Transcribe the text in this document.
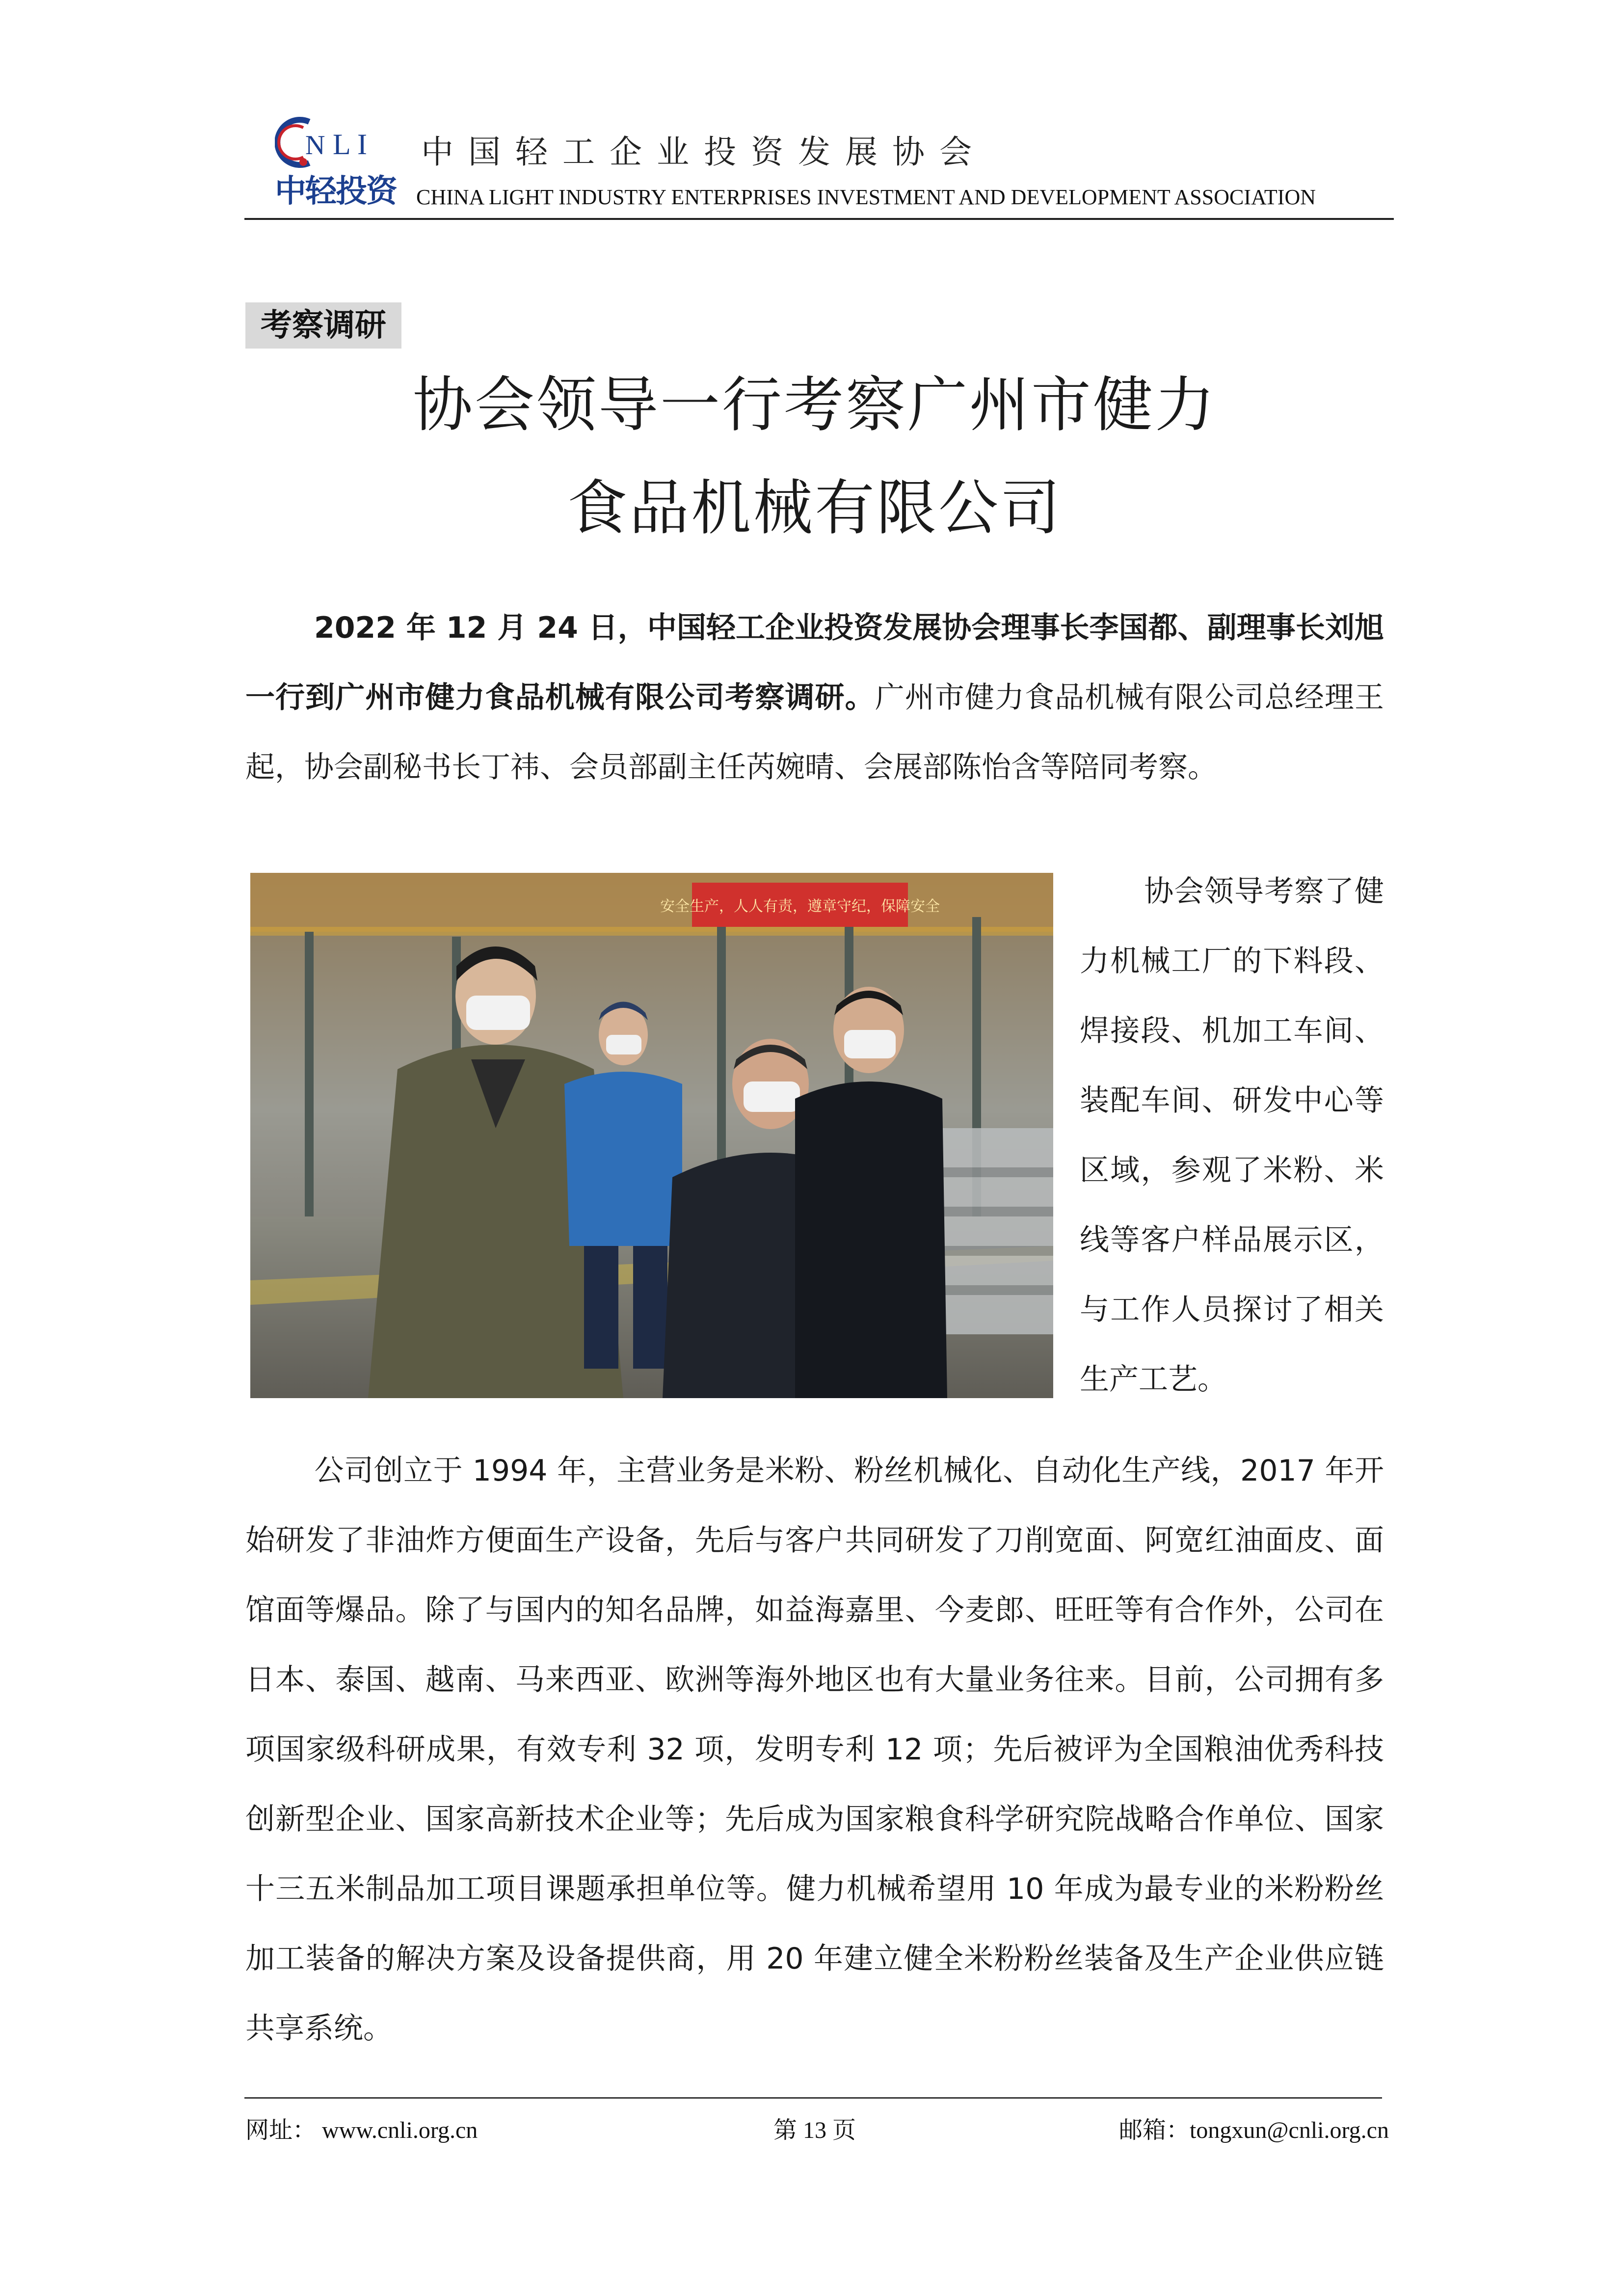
N L I
中轻投资
中国轻工企业投资发展协会
CHINA LIGHT INDUSTRY ENTERPRISES INVESTMENT AND DEVELOPMENT ASSOCIATION
考察调研
协会领导一行考察广州市健力
食品机械有限公司
2022 年 12 月 24 日，中国轻工企业投资发展协会理事长李国都、副理事长刘旭一行到广州市健力食品机械有限公司考察调研。广州市健力食品机械有限公司总经理王起，协会副秘书长丁祎、会员部副主任芮婉晴、会展部陈怡含等陪同考察。
安全生产，人人有责，遵章守纪，保障安全	协会领导考察了健力机械工厂的下料段、焊接段、机加工车间、装配车间、研发中心等区域，参观了米粉、米线等客户样品展示区，与工作人员探讨了相关生产工艺。
公司创立于 1994 年，主营业务是米粉、粉丝机械化、自动化生产线，2017 年开始研发了非油炸方便面生产设备，先后与客户共同研发了刀削宽面、阿宽红油面皮、面馆面等爆品。除了与国内的知名品牌，如益海嘉里、今麦郎、旺旺等有合作外，公司在日本、泰国、越南、马来西亚、欧洲等海外地区也有大量业务往来。目前，公司拥有多项国家级科研成果，有效专利 32 项，发明专利 12 项；先后被评为全国粮油优秀科技创新型企业、国家高新技术企业等；先后成为国家粮食科学研究院战略合作单位、国家十三五米制品加工项目课题承担单位等。健力机械希望用 10 年成为最专业的米粉粉丝加工装备的解决方案及设备提供商，用 20 年建立健全米粉粉丝装备及生产企业供应链共享系统。
网址： www.cnli.org.cn	第 13 页	邮箱：tongxun@cnli.org.cn
